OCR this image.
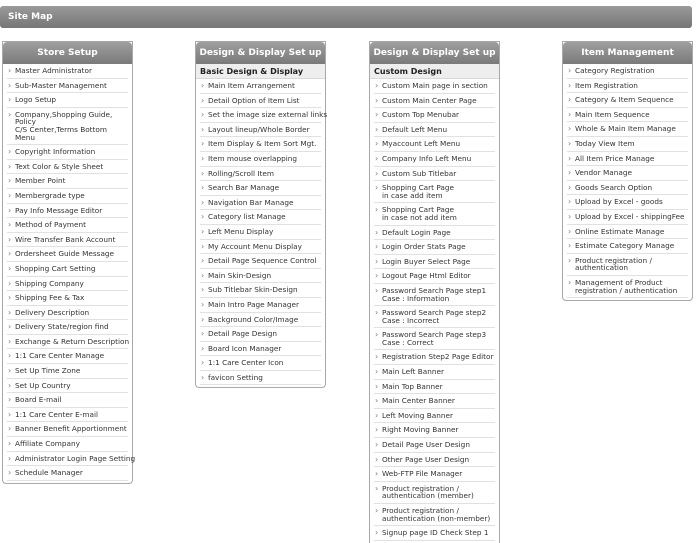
Site Map
Store Setup
› Master Administrator
› Sub-Master Management
› Logo Setup
› Company,Shopping Guide, Policy
C/S Center,Terms Bottom Menu
› Copyright Information
› Text Color & Style Sheet
› Member Point
› Membergrade type
› Pay Info Message Editor
› Method of Payment
› Wire Transfer Bank Account
› Ordersheet Guide Message
› Shopping Cart Setting
› Shipping Company
› Shipping Fee & Tax
› Delivery Description
› Delivery State/region find
› Exchange & Return Description
› 1:1 Care Center Manage
› Set Up Time Zone
› Set Up Country
› Board E-mail
› 1:1 Care Center E-mail
› Banner Benefit Apportionment
› Affiliate Company
› Administrator Login Page Setting
› Schedule Manager
Design & Display Set up
Basic Design & Display
› Main Item Arrangement
› Detail Option of Item List
› Set the image size external links
› Layout lineup/Whole Border
› Item Display & Item Sort Mgt.
› Item mouse overlapping
› Rolling/Scroll Item
› Search Bar Manage
› Navigation Bar Manage
› Category list Manage
› Left Menu Display
› My Account Menu Display
› Detail Page Sequence Control
› Main Skin-Design
› Sub Titlebar Skin-Design
› Main Intro Page Manager
› Background Color/Image
› Detail Page Design
› Board Icon Manager
› 1:1 Care Center Icon
› favicon Setting
Design & Display Set up
Custom Design
› Custom Main page in section
› Custom Main Center Page
› Custom Top Menubar
› Default Left Menu
› Myaccount Left Menu
› Company Info Left Menu
› Custom Sub Titlebar
› Shopping Cart Page
in case add item
› Shopping Cart Page
in case not add item
› Default Login Page
› Login Order Stats Page
› Login Buyer Select Page
› Logout Page Html Editor
› Password Search Page step1
Case : Information
› Password Search Page step2
Case : Incorrect
› Password Search Page step3
Case : Correct
› Registration Step2 Page Editor
› Main Left Banner
› Main Top Banner
› Main Center Banner
› Left Moving Banner
› Right Moving Banner
› Detail Page User Design
› Other Page User Design
› Web-FTP File Manager
› Product registration /
authentication (member)
› Product registration /
authentication (non-member)
› Signup page ID Check Step 1
Item Management
› Category Registration
› Item Registration
› Category & Item Sequence
› Main Item Sequence
› Whole & Main Item Manage
› Today View Item
› All Item Price Manage
› Vendor Manage
› Goods Search Option
› Upload by Excel - goods
› Upload by Excel - shippingFee
› Online Estimate Manage
› Estimate Category Manage
› Product registration /
authentication
› Management of Product
registration / authentication
